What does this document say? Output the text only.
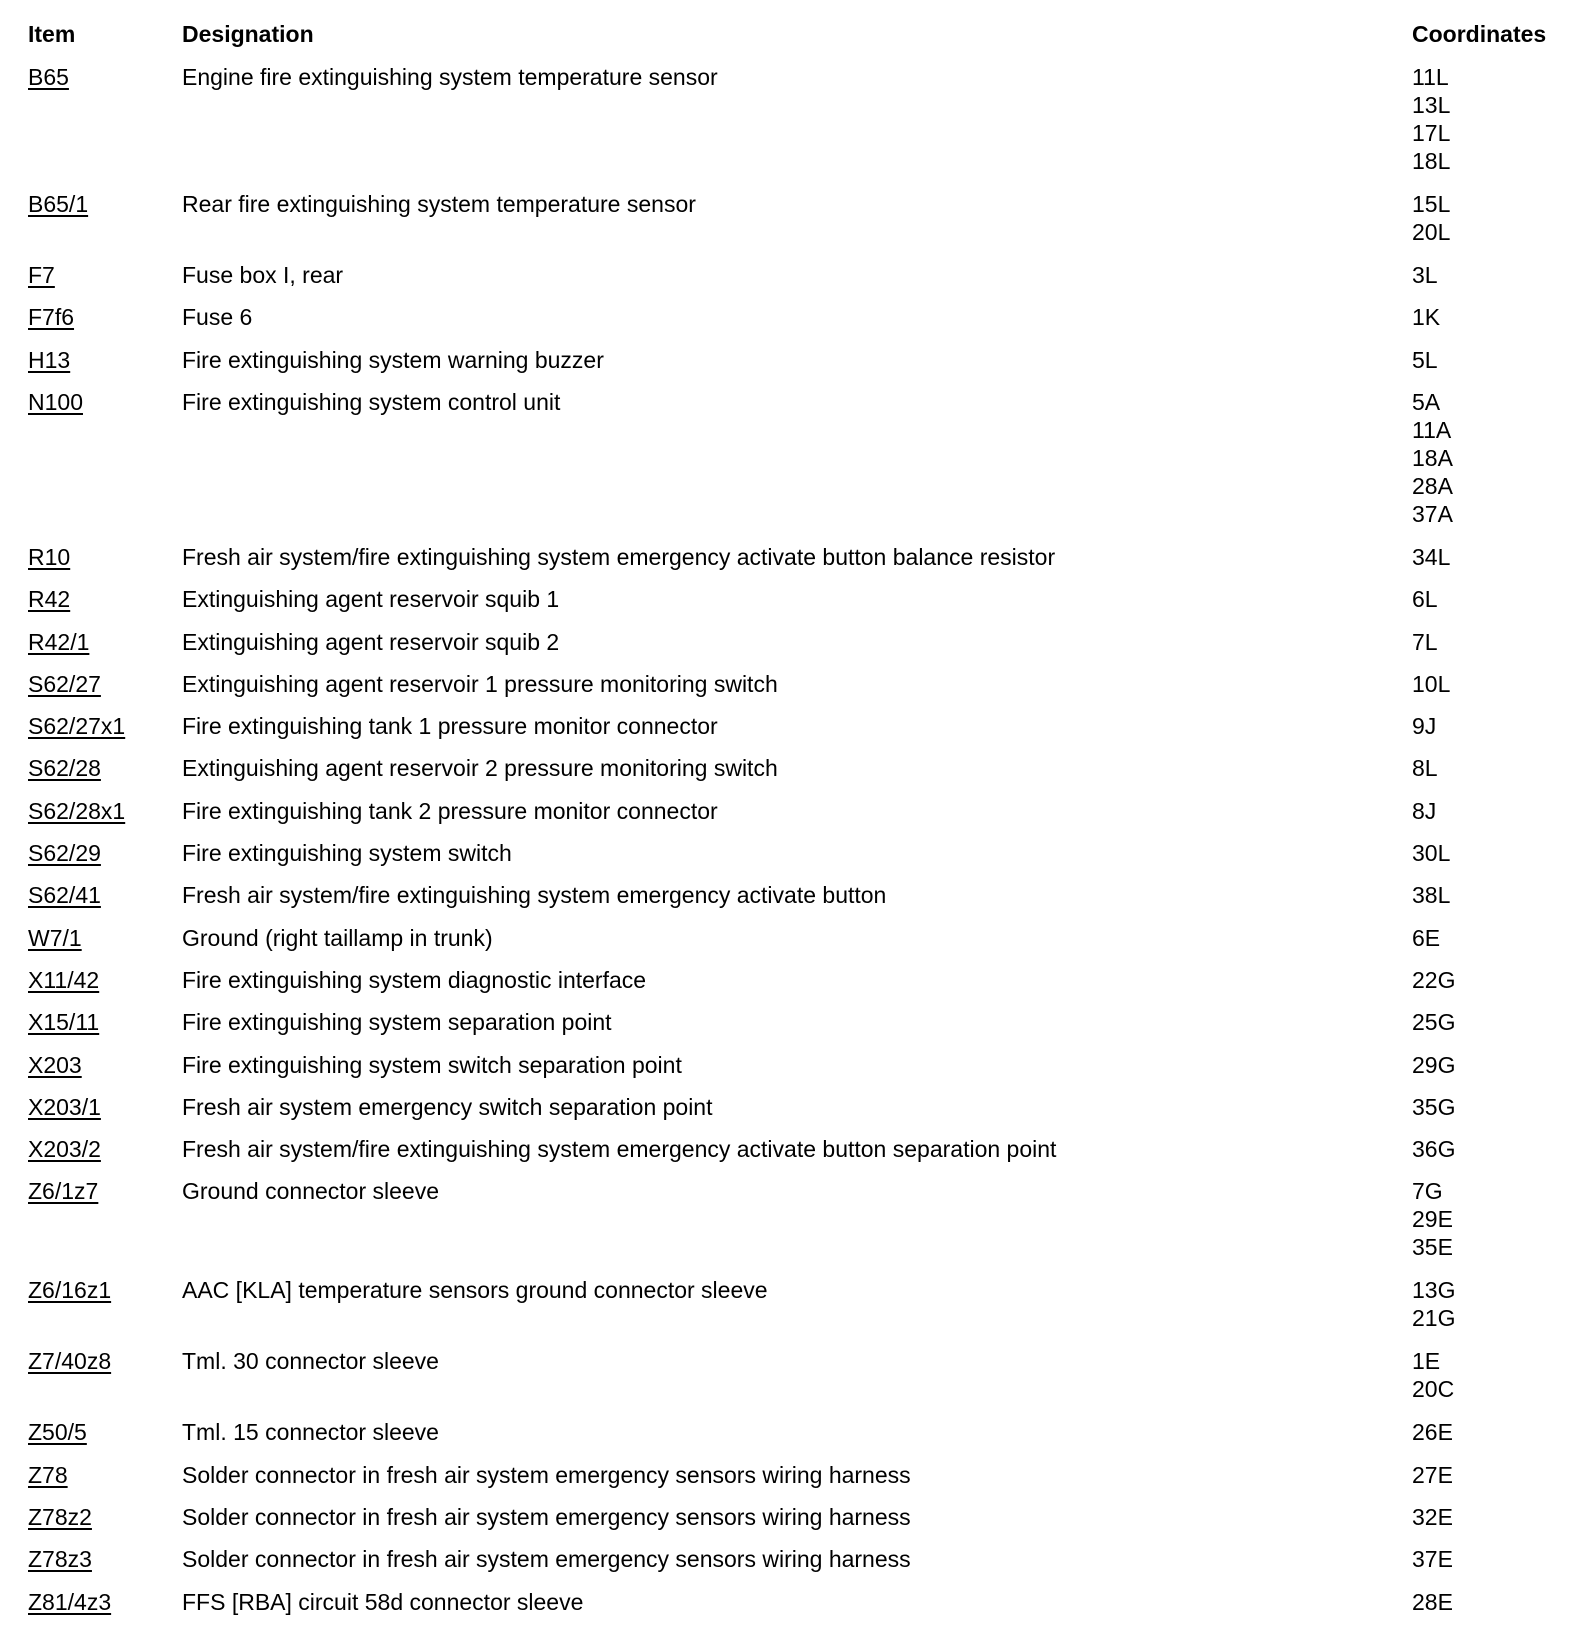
Item	Designation	Coordinates
B65	Engine fire extinguishing system temperature sensor	11L
13L
17L
18L
B65/1	Rear fire extinguishing system temperature sensor	15L
20L
F7	Fuse box I, rear	3L
F7f6	Fuse 6	1K
H13	Fire extinguishing system warning buzzer	5L
N100	Fire extinguishing system control unit	5A
11A
18A
28A
37A
R10	Fresh air system/fire extinguishing system emergency activate button balance resistor	34L
R42	Extinguishing agent reservoir squib 1	6L
R42/1	Extinguishing agent reservoir squib 2	7L
S62/27	Extinguishing agent reservoir 1 pressure monitoring switch	10L
S62/27x1 Fire extinguishing tank 1 pressure monitor connector	9J
S62/28	Extinguishing agent reservoir 2 pressure monitoring switch	8L
S62/28x1 Fire extinguishing tank 2 pressure monitor connector	8J
S62/29	Fire extinguishing system switch	30L
S62/41	Fresh air system/fire extinguishing system emergency activate button	38L
W7/1	Ground (right taillamp in trunk)	6E
X11/42	Fire extinguishing system diagnostic interface	22G
X15/11	Fire extinguishing system separation point	25G
X203	Fire extinguishing system switch separation point	29G
X203/1	Fresh air system emergency switch separation point	35G
X203/2	Fresh air system/fire extinguishing system emergency activate button separation point	36G
Z6/1z7	Ground connector sleeve	7G
29E
35E
Z6/16z1	AAC [KLA] temperature sensors ground connector sleeve	13G
21G
Z7/40z8	Tml. 30 connector sleeve	1E
20C
Z50/5	Tml. 15 connector sleeve	26E
Z78	Solder connector in fresh air system emergency sensors wiring harness	27E
Z78z2	Solder connector in fresh air system emergency sensors wiring harness	32E
Z78z3	Solder connector in fresh air system emergency sensors wiring harness	37E
Z81/4z3	FFS [RBA] circuit 58d connector sleeve	28E
